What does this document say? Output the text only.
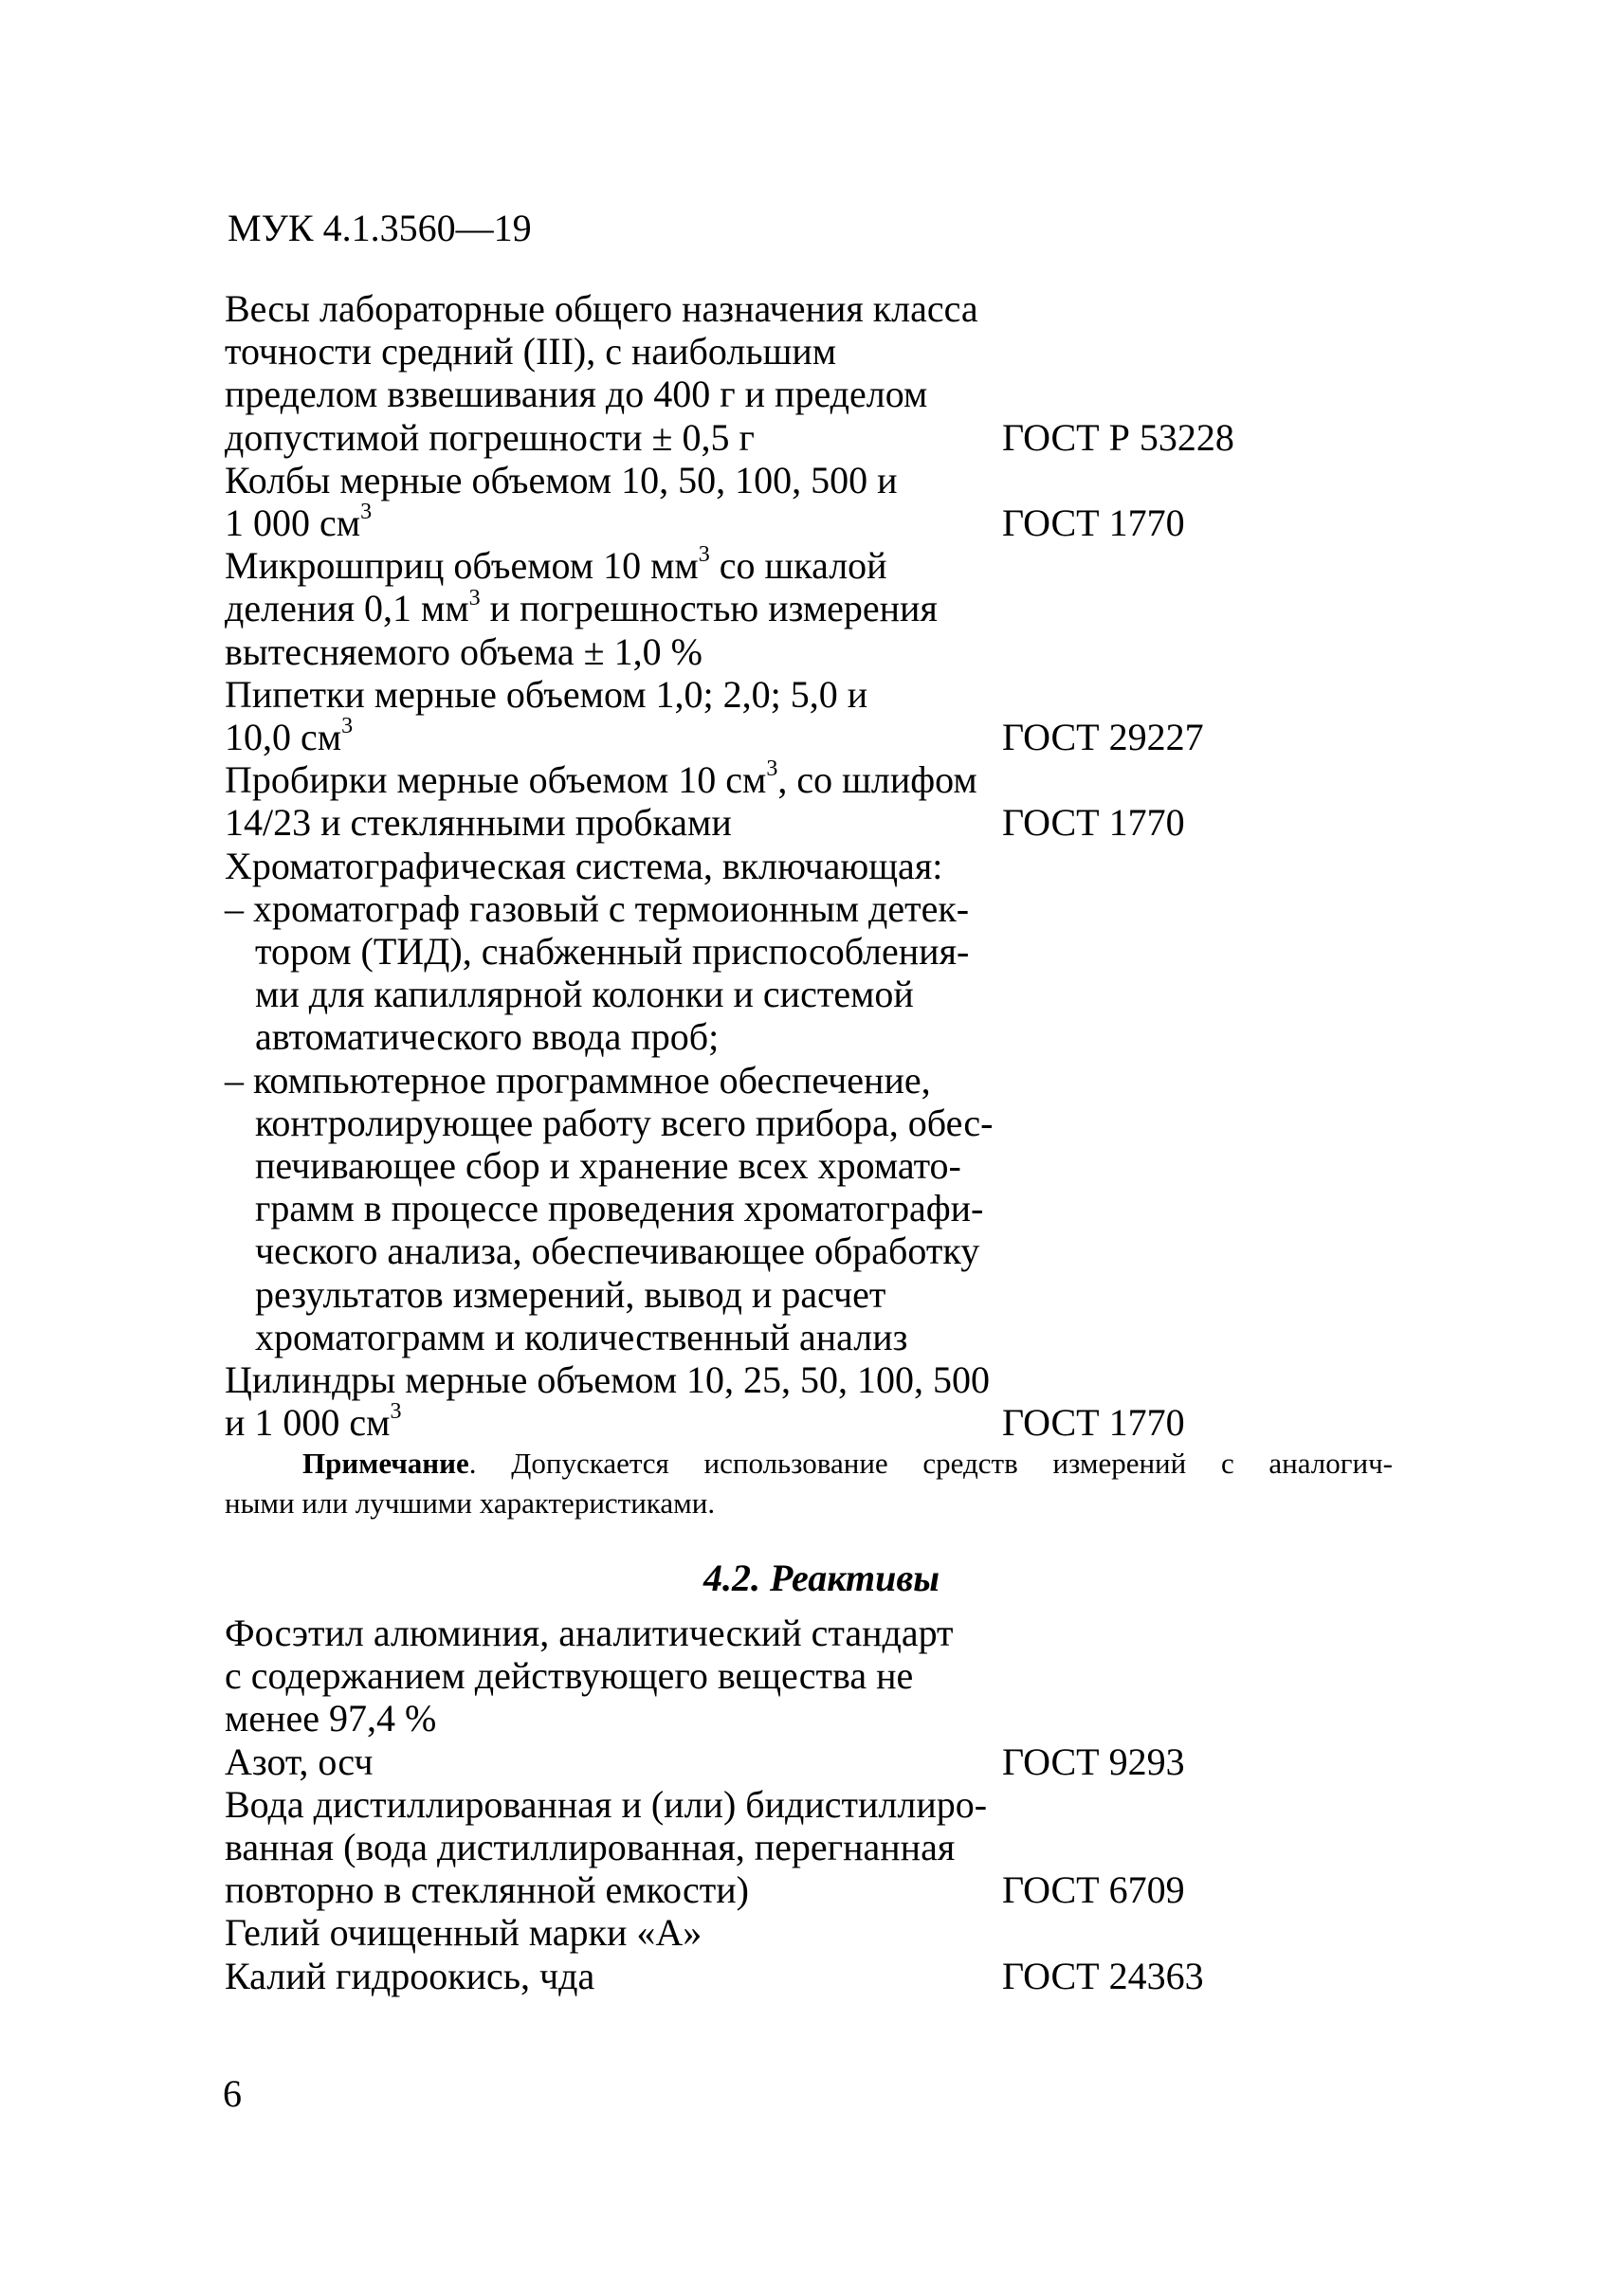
МУК 4.1.3560—19
Весы лабораторные общего назначения класса
точности средний (III), с наибольшим
пределом взвешивания до 400 г и пределом
допустимой погрешности ± 0,5 г	ГОСТ Р 53228
Колбы мерные объемом 10, 50, 100, 500 и
1 000 $см^3$	ГОСТ 1770
Микрошприц объемом 10 $мм^3$ со шкалой
деления 0,1 $мм^3$ и погрешностью измерения
вытесняемого объема ± 1,0 %
Пипетки мерные объемом 1,0; 2,0; 5,0 и
10,0 $см^3$	ГОСТ 29227
Пробирки мерные объемом 10 $см^3$, со шлифом
14/23 и стеклянными пробками	ГОСТ 1770
Хроматографическая система, включающая:
– хроматограф газовый с термоионным детек-
тором (ТИД), снабженный приспособления-
ми для капиллярной колонки и системой
автоматического ввода проб;
– компьютерное программное обеспечение,
контролирующее работу всего прибора, обес-
печивающее сбор и хранение всех хромато-
грамм в процессе проведения хроматографи-
ческого анализа, обеспечивающее обработку
результатов измерений, вывод и расчет
хроматограмм и количественный анализ
Цилиндры мерные объемом 10, 25, 50, 100, 500
и 1 000 $см^3$	ГОСТ 1770
Примечание. Допускается использование средств измерений с аналогич-
ными или лучшими характеристиками.
4.2. Реактивы
Фосэтил алюминия, аналитический стандарт
с содержанием действующего вещества не
менее 97,4 %
Азот, осч	ГОСТ 9293
Вода дистиллированная и (или) бидистиллиро-
ванная (вода дистиллированная, перегнанная
повторно в стеклянной емкости)	ГОСТ 6709
Гелий очищенный марки «А»
Калий гидроокись, чда	ГОСТ 24363
6
